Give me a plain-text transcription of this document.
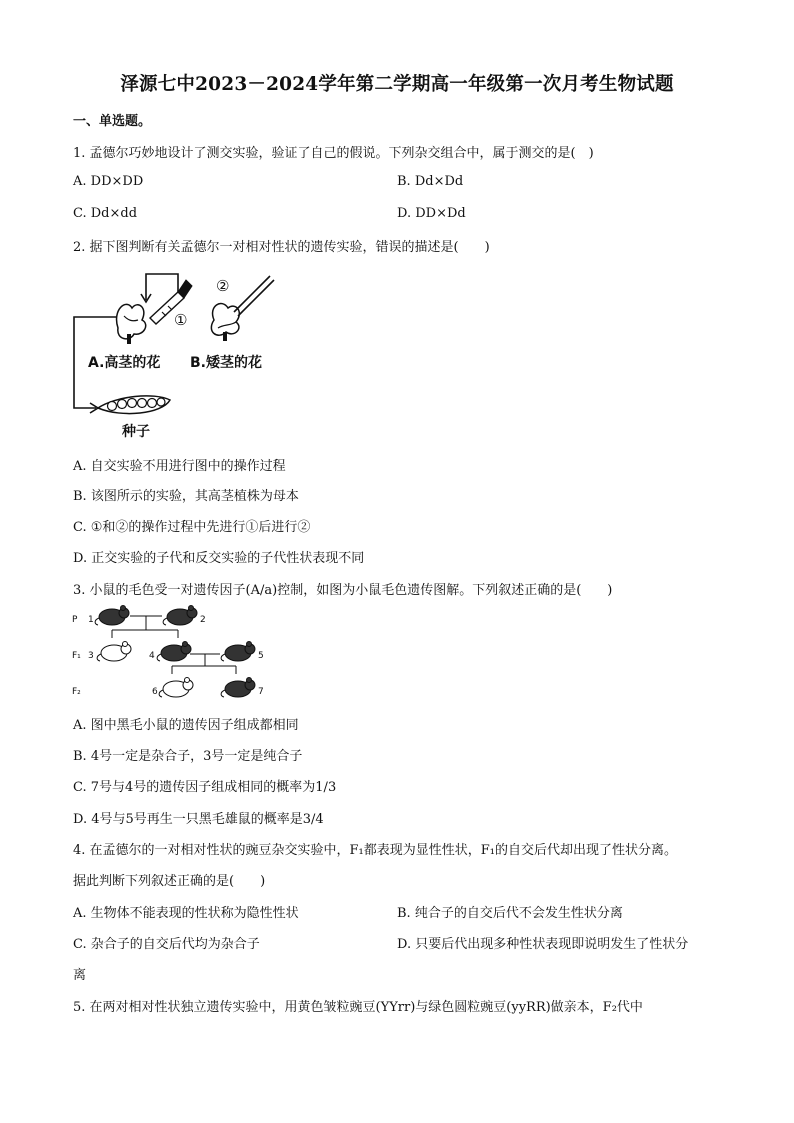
泽源七中2023－2024学年第二学期高一年级第一次月考生物试题
一、单选题。
1. 孟德尔巧妙地设计了测交实验，验证了自己的假说。下列杂交组合中，属于测交的是(　)
A. DD×DD	B. Dd×Dd
C. Dd×dd	D. DD×Dd
2. 据下图判断有关孟德尔一对相对性状的遗传实验，错误的描述是(　　)
①
②
A.高茎的花 B.矮茎的花
种子
A. 自交实验不用进行图中的操作过程
B. 该图所示的实验，其高茎植株为母本
C. ①和②的操作过程中先进行①后进行②
D. 正交实验的子代和反交实验的子代性状表现不同
3. 小鼠的毛色受一对遗传因子(A/a)控制，如图为小鼠毛色遗传图解。下列叙述正确的是(　　)
P
F₁
F₂
1	2
3	4	5
6	7
A. 图中黑毛小鼠的遗传因子组成都相同
B. 4号一定是杂合子，3号一定是纯合子
C. 7号与4号的遗传因子组成相同的概率为1/3
D. 4号与5号再生一只黑毛雄鼠的概率是3/4
4. 在孟德尔的一对相对性状的豌豆杂交实验中，F₁都表现为显性性状，F₁的自交后代却出现了性状分离。
据此判断下列叙述正确的是(　　)
A. 生物体不能表现的性状称为隐性性状	B. 纯合子的自交后代不会发生性状分离
C. 杂合子的自交后代均为杂合子	D. 只要后代出现多种性状表现即说明发生了性状分
离
5. 在两对相对性状独立遗传实验中，用黄色皱粒豌豆(YYrr)与绿色圆粒豌豆(yyRR)做亲本，F₂代中
